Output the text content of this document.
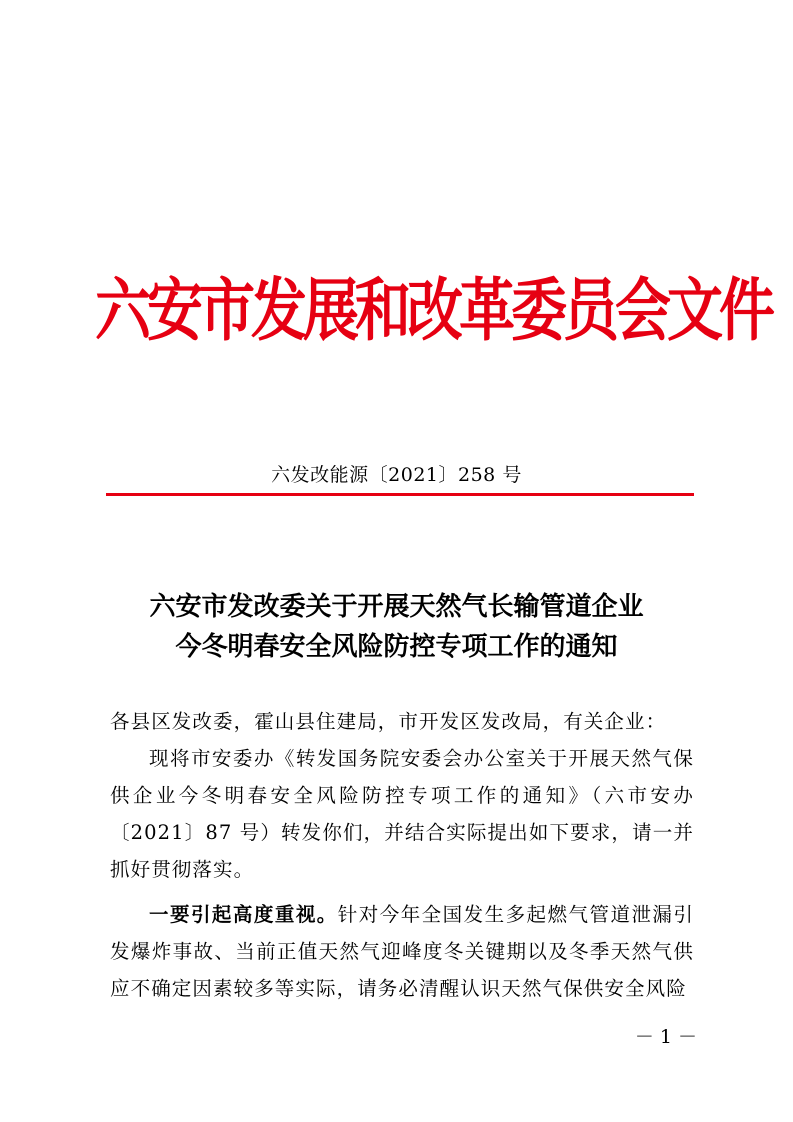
六安市发展和改革委员会文件
六发改能源〔2021〕258 号
六安市发改委关于开展天然气长输管道企业
今冬明春安全风险防控专项工作的通知

各县区发改委，霍山县住建局，市开发区发改局，有关企业：

现将市安委办《转发国务院安委会办公室关于开展天然气保供企业今冬明春安全风险防控专项工作的通知》（六市安办〔2021〕87 号）转发你们，并结合实际提出如下要求，请一并抓好贯彻落实。

一要引起高度重视。针对今年全国发生多起燃气管道泄漏引发爆炸事故、当前正值天然气迎峰度冬关键期以及冬季天然气供应不确定因素较多等实际，请务必清醒认识天然气保供安全风险

－ 1 －
